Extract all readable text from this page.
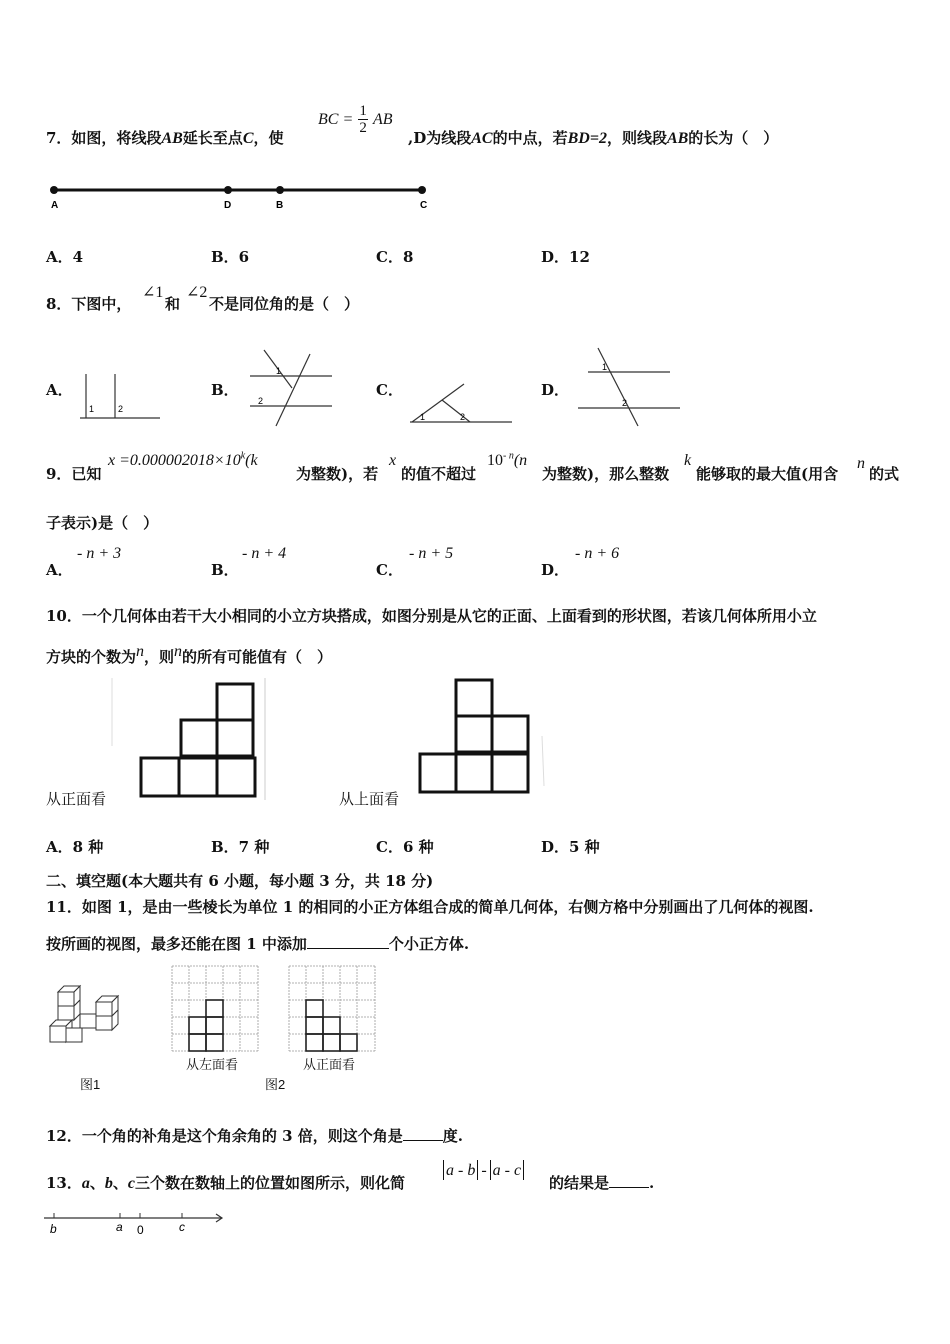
7．如图，将线段AB延长至点C，使
BC = $\frac{1}{2}$ AB
,D为线段AC的中点，若BD=2，则线段AB的长为（　）
A	D	B	C
A．4	B．6	C．8	D．12
8．下图中，
∠1
和
∠2
不是同位角的是（　）
A．
1	2
B．
1
2
C．
1	2
D．
1
2
9．已知
$x =0.000002018\times 10^k(k$
为整数)，若
x
的值不超过
$10^{- n}(n$
为整数)，那么整数
k
能够取的最大值(用含
n
的式
子表示)是（　）
A．
- n + 3
B．
- n + 4
C．
- n + 5
D．
- n + 6
10．一个几何体由若干大小相同的小立方块搭成，如图分别是从它的正面、上面看到的形状图，若该几何体所用小立
方块的个数为$^n$，则$^n$的所有可能值有（　）
从正面看	从上面看
A．8 种	B．7 种	C．6 种	D．5 种
二、填空题(本大题共有 6 小题，每小题 3 分，共 18 分)
11．如图 1，是由一些棱长为单位 1 的相同的小正方体组合成的简单几何体，右侧方格中分别画出了几何体的视图.
按所画的视图，最多还能在图 1 中添加	个小正方体.
图1
从左面看	从正面看
图2
12．一个角的补角是这个角余角的 3 倍，则这个角是	度.
13．a、b、c三个数在数轴上的位置如图所示，则化简
a - b - a - c
的结果是	.
b	a 0	c
